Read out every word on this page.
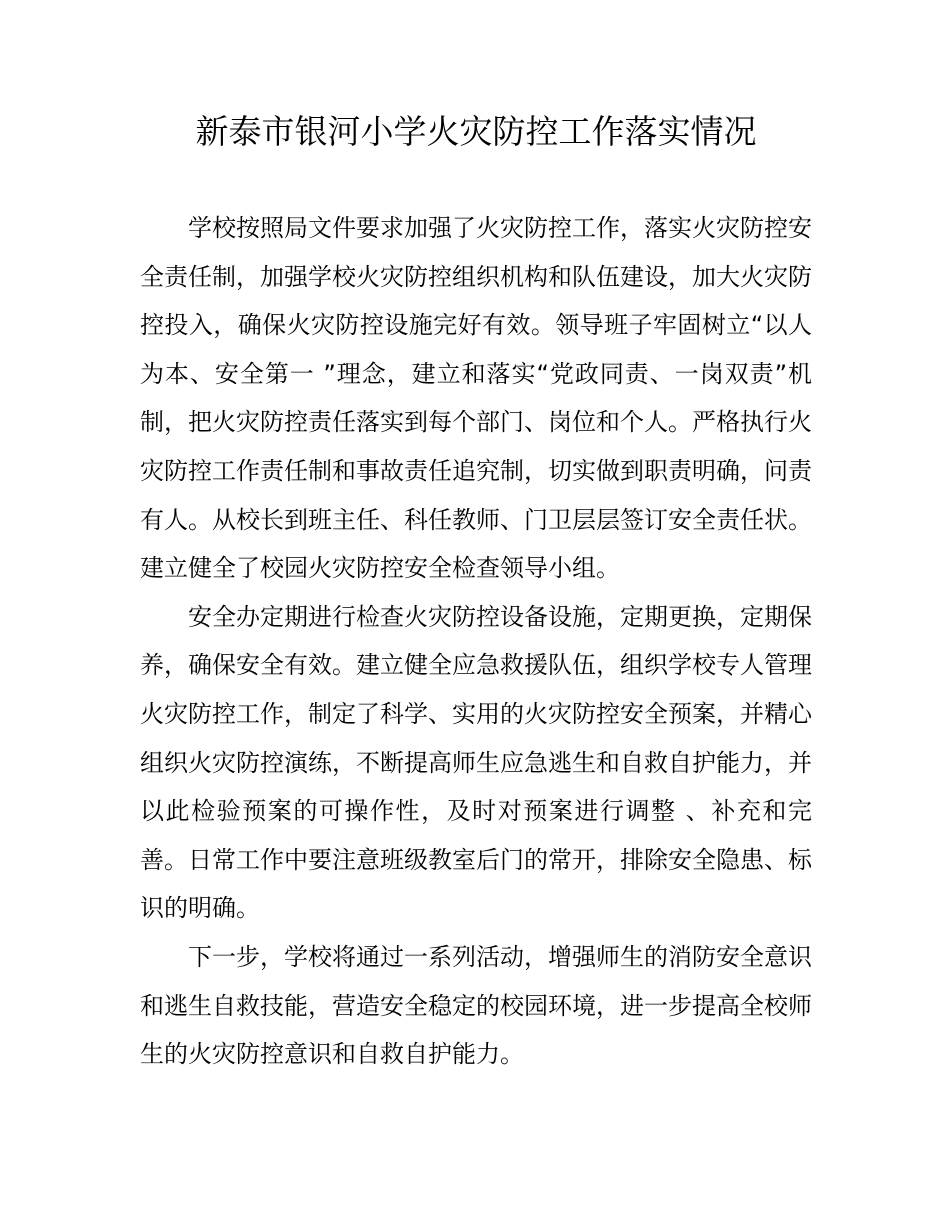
新泰市银河小学火灾防控工作落实情况

学校按照局文件要求加强了火灾防控工作，落实火灾防控安全责任制，加强学校火灾防控组织机构和队伍建设，加大火灾防控投入，确保火灾防控设施完好有效。领导班子牢固树立“以人为本、安全第一 ”理念，建立和落实“党政同责、一岗双责”机制，把火灾防控责任落实到每个部门、岗位和个人。严格执行火灾防控工作责任制和事故责任追究制，切实做到职责明确，问责有人。从校长到班主任、科任教师、门卫层层签订安全责任状。建立健全了校园火灾防控安全检查领导小组。

安全办定期进行检查火灾防控设备设施，定期更换，定期保养，确保安全有效。建立健全应急救援队伍，组织学校专人管理火灾防控工作，制定了科学、实用的火灾防控安全预案，并精心组织火灾防控演练，不断提高师生应急逃生和自救自护能力，并以此检验预案的可操作性，及时对预案进行调整 、补充和完善。日常工作中要注意班级教室后门的常开，排除安全隐患、标识的明确。

下一步，学校将通过一系列活动，增强师生的消防安全意识和逃生自救技能，营造安全稳定的校园环境，进一步提高全校师生的火灾防控意识和自救自护能力。
